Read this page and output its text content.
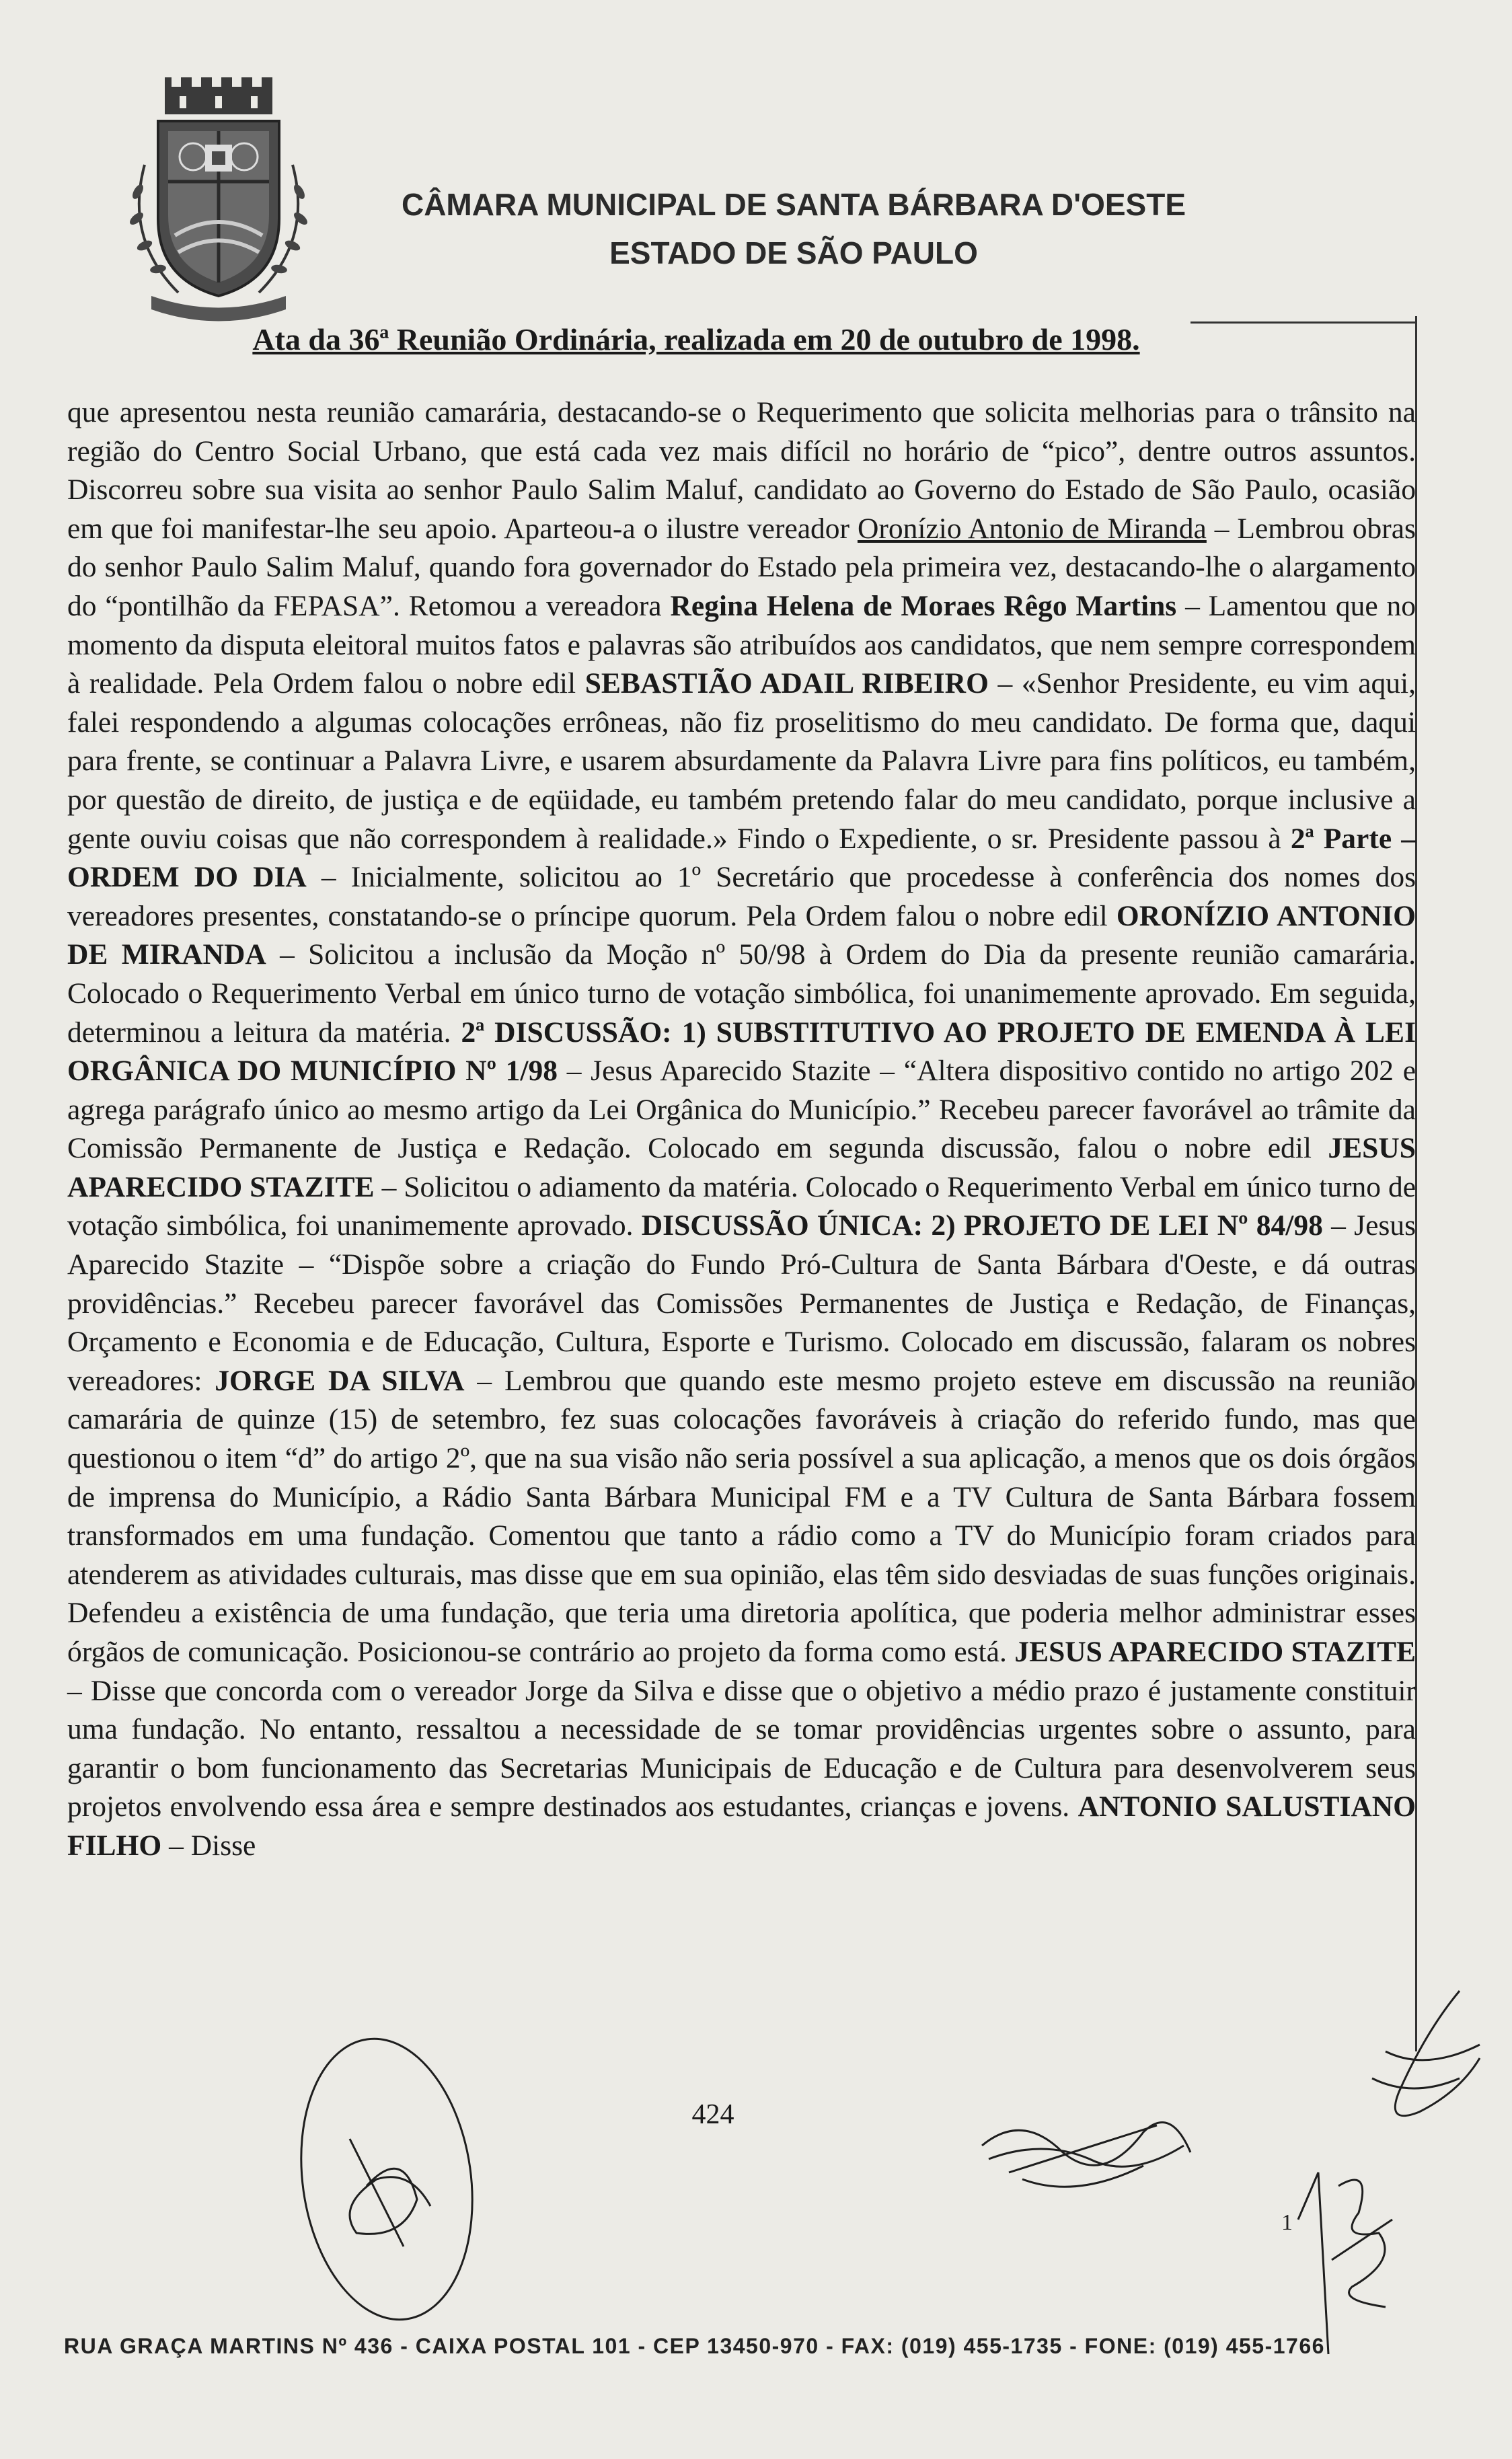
CÂMARA MUNICIPAL DE SANTA BÁRBARA D'OESTE
ESTADO DE SÃO PAULO
Ata da 36ª Reunião Ordinária, realizada em 20 de outubro de 1998.
que apresentou nesta reunião camarária, destacando-se o Requerimento que solicita melhorias para o trânsito na região do Centro Social Urbano, que está cada vez mais difícil no horário de “pico”, dentre outros assuntos. Discorreu sobre sua visita ao senhor Paulo Salim Maluf, candidato ao Governo do Estado de São Paulo, ocasião em que foi manifestar-lhe seu apoio. Aparteou-a o ilustre vereador Oronízio Antonio de Miranda – Lembrou obras do senhor Paulo Salim Maluf, quando fora governador do Estado pela primeira vez, destacando-lhe o alargamento do “pontilhão da FEPASA”. Retomou a vereadora Regina Helena de Moraes Rêgo Martins – Lamentou que no momento da disputa eleitoral muitos fatos e palavras são atribuídos aos candidatos, que nem sempre correspondem à realidade. Pela Ordem falou o nobre edil SEBASTIÃO ADAIL RIBEIRO – «Senhor Presidente, eu vim aqui, falei respondendo a algumas colocações errôneas, não fiz proselitismo do meu candidato. De forma que, daqui para frente, se continuar a Palavra Livre, e usarem absurdamente da Palavra Livre para fins políticos, eu também, por questão de direito, de justiça e de eqüidade, eu também pretendo falar do meu candidato, porque inclusive a gente ouviu coisas que não correspondem à realidade.» Findo o Expediente, o sr. Presidente passou à 2ª Parte – ORDEM DO DIA – Inicialmente, solicitou ao 1º Secretário que procedesse à conferência dos nomes dos vereadores presentes, constatando-se o príncipe quorum. Pela Ordem falou o nobre edil ORONÍZIO ANTONIO DE MIRANDA – Solicitou a inclusão da Moção nº 50/98 à Ordem do Dia da presente reunião camarária. Colocado o Requerimento Verbal em único turno de votação simbólica, foi unanimemente aprovado. Em seguida, determinou a leitura da matéria. 2ª DISCUSSÃO: 1) SUBSTITUTIVO AO PROJETO DE EMENDA À LEI ORGÂNICA DO MUNICÍPIO Nº 1/98 – Jesus Aparecido Stazite – “Altera dispositivo contido no artigo 202 e agrega parágrafo único ao mesmo artigo da Lei Orgânica do Município.” Recebeu parecer favorável ao trâmite da Comissão Permanente de Justiça e Redação. Colocado em segunda discussão, falou o nobre edil JESUS APARECIDO STAZITE – Solicitou o adiamento da matéria. Colocado o Requerimento Verbal em único turno de votação simbólica, foi unanimemente aprovado. DISCUSSÃO ÚNICA: 2) PROJETO DE LEI Nº 84/98 – Jesus Aparecido Stazite – “Dispõe sobre a criação do Fundo Pró-Cultura de Santa Bárbara d'Oeste, e dá outras providências.” Recebeu parecer favorável das Comissões Permanentes de Justiça e Redação, de Finanças, Orçamento e Economia e de Educação, Cultura, Esporte e Turismo. Colocado em discussão, falaram os nobres vereadores: JORGE DA SILVA – Lembrou que quando este mesmo projeto esteve em discussão na reunião camarária de quinze (15) de setembro, fez suas colocações favoráveis à criação do referido fundo, mas que questionou o item “d” do artigo 2º, que na sua visão não seria possível a sua aplicação, a menos que os dois órgãos de imprensa do Município, a Rádio Santa Bárbara Municipal FM e a TV Cultura de Santa Bárbara fossem transformados em uma fundação. Comentou que tanto a rádio como a TV do Município foram criados para atenderem as atividades culturais, mas disse que em sua opinião, elas têm sido desviadas de suas funções originais. Defendeu a existência de uma fundação, que teria uma diretoria apolítica, que poderia melhor administrar esses órgãos de comunicação. Posicionou-se contrário ao projeto da forma como está. JESUS APARECIDO STAZITE – Disse que concorda com o vereador Jorge da Silva e disse que o objetivo a médio prazo é justamente constituir uma fundação. No entanto, ressaltou a necessidade de se tomar providências urgentes sobre o assunto, para garantir o bom funcionamento das Secretarias Municipais de Educação e de Cultura para desenvolverem seus projetos envolvendo essa área e sempre destinados aos estudantes, crianças e jovens. ANTONIO SALUSTIANO FILHO – Disse
424
1
RUA GRAÇA MARTINS Nº 436 - CAIXA POSTAL 101 - CEP 13450-970 - FAX: (019) 455-1735 - FONE: (019) 455-1766
